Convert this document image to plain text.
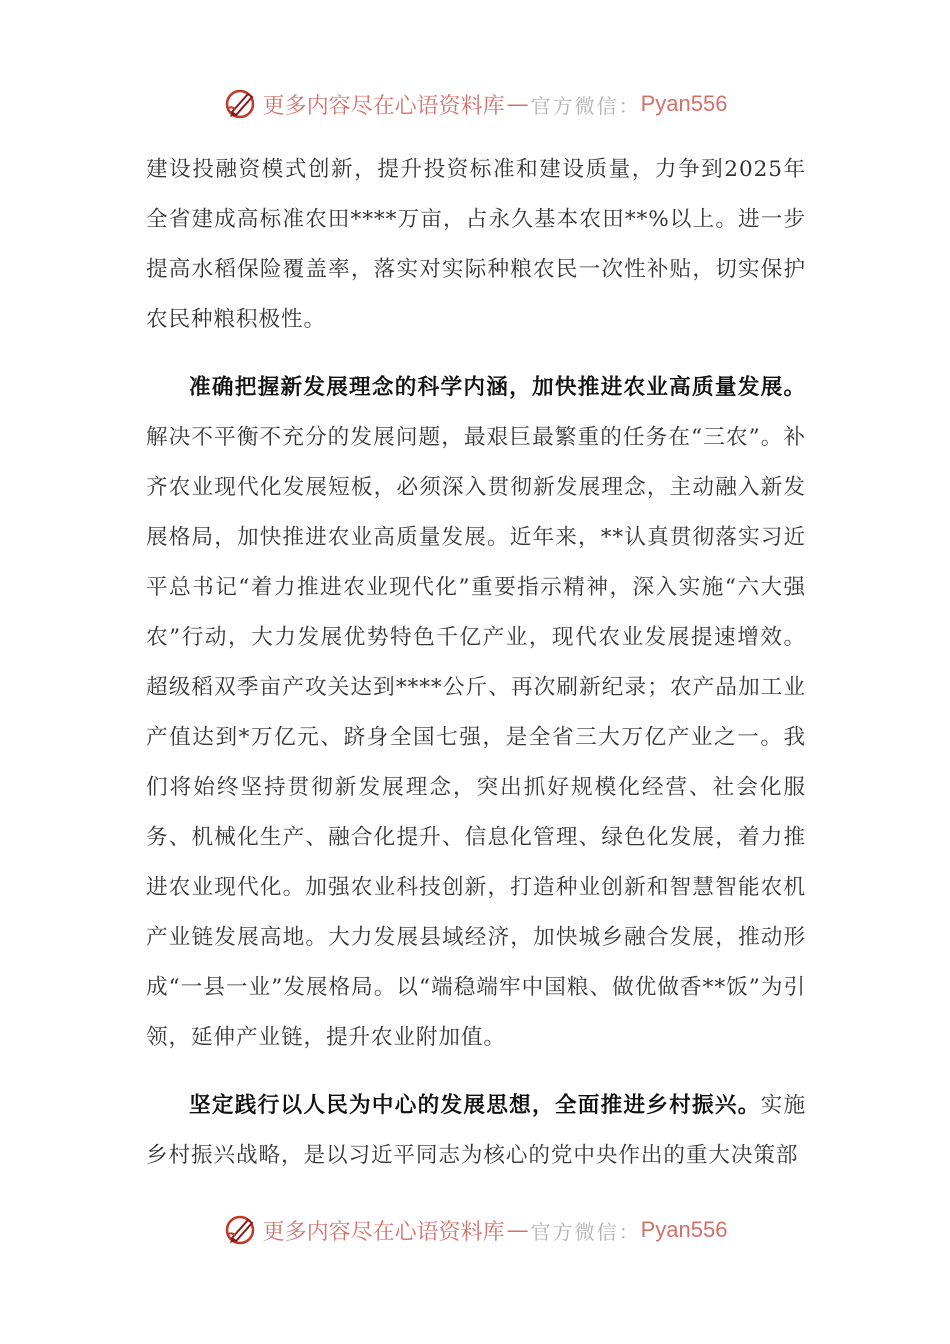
更多内容尽在心语资料库 — 官方微信： Pyan556

建设投融资模式创新，提升投资标准和建设质量，力争到2025年全省建成高标准农田****万亩，占永久基本农田**%以上。进一步提高水稻保险覆盖率，落实对实际种粮农民一次性补贴，切实保护农民种粮积极性。

准确把握新发展理念的科学内涵，加快推进农业高质量发展。解决不平衡不充分的发展问题，最艰巨最繁重的任务在“三农”。补齐农业现代化发展短板，必须深入贯彻新发展理念，主动融入新发展格局，加快推进农业高质量发展。近年来，**认真贯彻落实习近平总书记“着力推进农业现代化”重要指示精神，深入实施“六大强农”行动，大力发展优势特色千亿产业，现代农业发展提速增效。超级稻双季亩产攻关达到****公斤、再次刷新纪录；农产品加工业产值达到*万亿元、跻身全国七强，是全省三大万亿产业之一。我们将始终坚持贯彻新发展理念，突出抓好规模化经营、社会化服务、机械化生产、融合化提升、信息化管理、绿色化发展，着力推进农业现代化。加强农业科技创新，打造种业创新和智慧智能农机产业链发展高地。大力发展县域经济，加快城乡融合发展，推动形成“一县一业”发展格局。以“端稳端牢中国粮、做优做香**饭”为引领，延伸产业链，提升农业附加值。

坚定践行以人民为中心的发展思想，全面推进乡村振兴。实施乡村振兴战略，是以习近平同志为核心的党中央作出的重大决策部

更多内容尽在心语资料库 — 官方微信： Pyan556
